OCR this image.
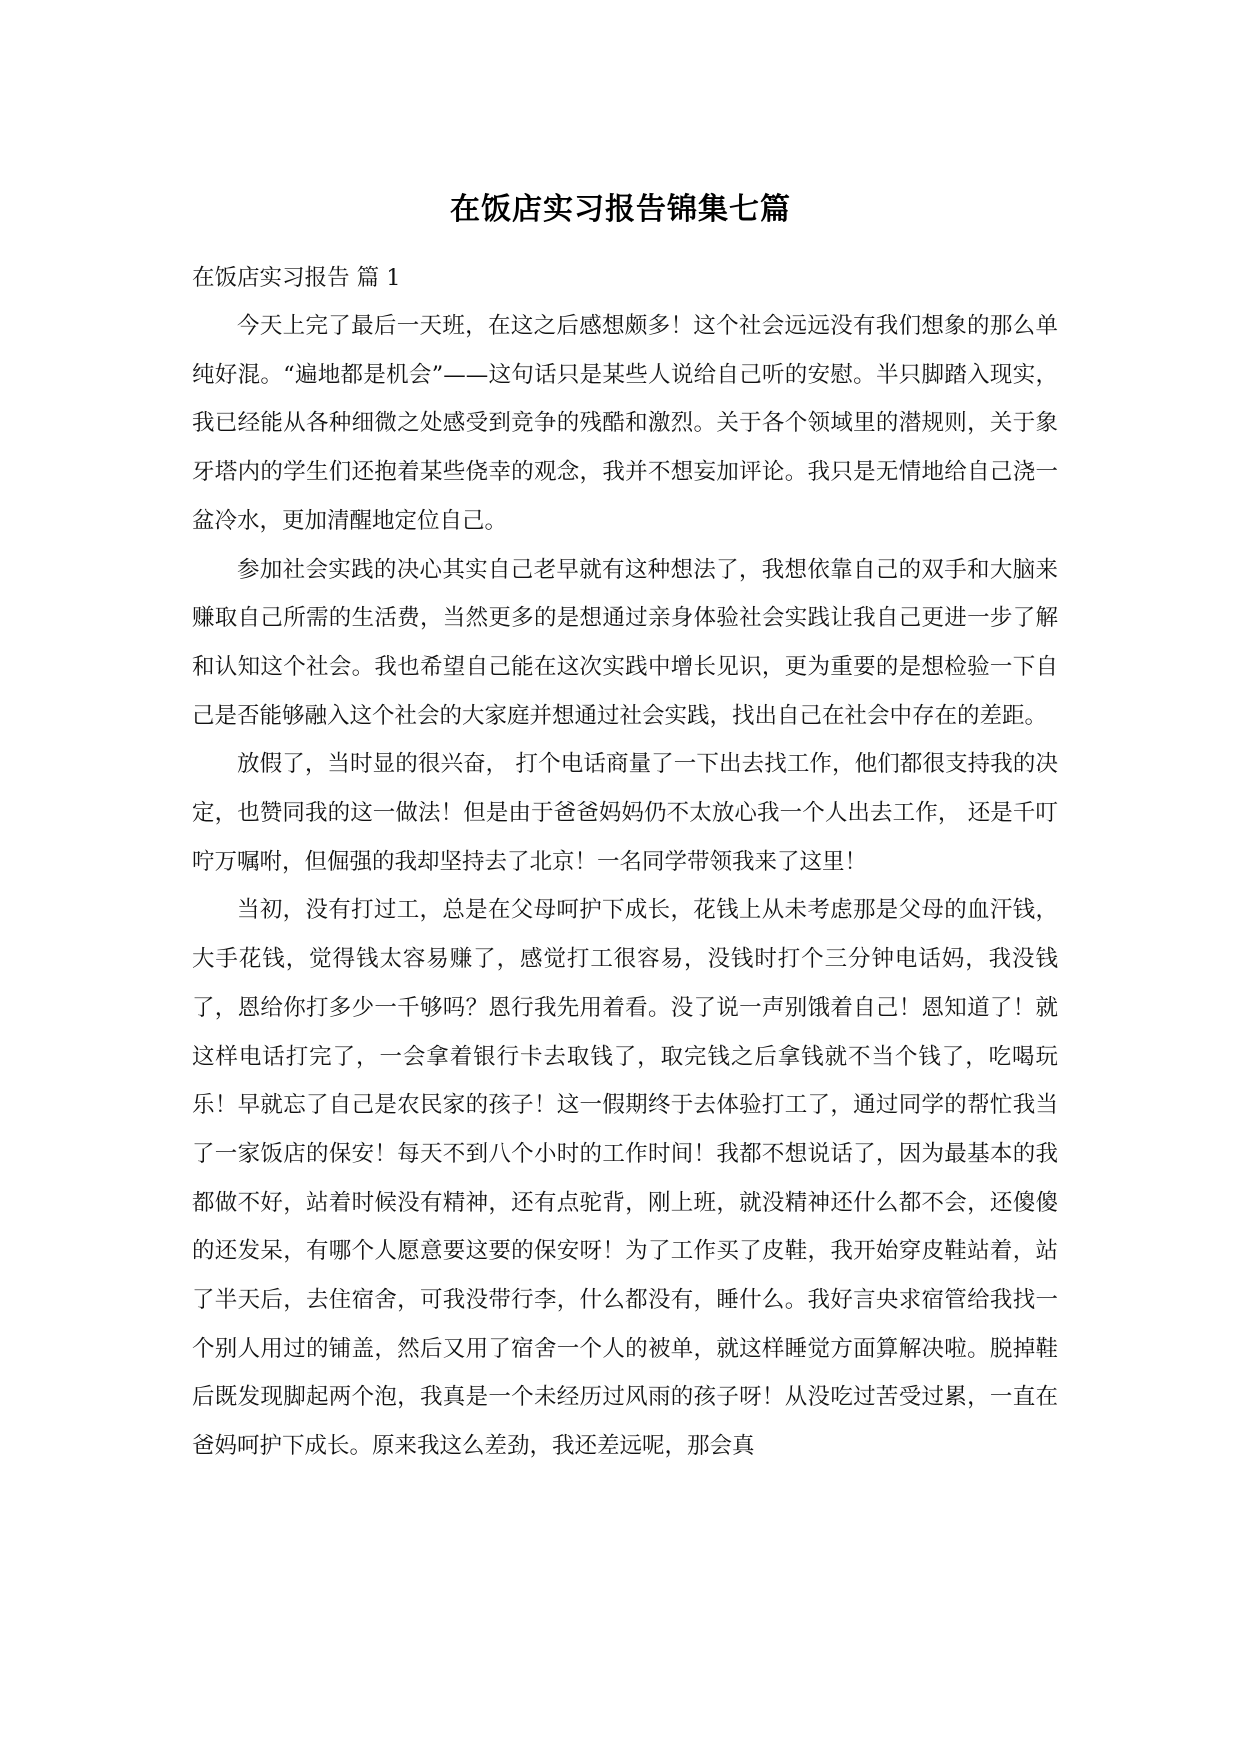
在饭店实习报告锦集七篇

在饭店实习报告 篇 1

今天上完了最后一天班，在这之后感想颇多！这个社会远远没有我们想象的那么单纯好混。“遍地都是机会”——这句话只是某些人说给自己听的安慰。半只脚踏入现实，我已经能从各种细微之处感受到竞争的残酷和激烈。关于各个领域里的潜规则，关于象牙塔内的学生们还抱着某些侥幸的观念，我并不想妄加评论。我只是无情地给自己浇一盆冷水，更加清醒地定位自己。

参加社会实践的决心其实自己老早就有这种想法了，我想依靠自己的双手和大脑来赚取自己所需的生活费，当然更多的是想通过亲身体验社会实践让我自己更进一步了解和认知这个社会。我也希望自己能在这次实践中增长见识，更为重要的是想检验一下自己是否能够融入这个社会的大家庭并想通过社会实践，找出自己在社会中存在的差距。

放假了，当时显的很兴奋， 打个电话商量了一下出去找工作，他们都很支持我的决定，也赞同我的这一做法！但是由于爸爸妈妈仍不太放心我一个人出去工作， 还是千叮咛万嘱咐，但倔强的我却坚持去了北京！一名同学带领我来了这里！

当初，没有打过工，总是在父母呵护下成长，花钱上从未考虑那是父母的血汗钱，大手花钱，觉得钱太容易赚了，感觉打工很容易，没钱时打个三分钟电话妈，我没钱了，恩给你打多少一千够吗？恩行我先用着看。没了说一声别饿着自己！恩知道了！就这样电话打完了，一会拿着银行卡去取钱了，取完钱之后拿钱就不当个钱了，吃喝玩乐！早就忘了自己是农民家的孩子！这一假期终于去体验打工了，通过同学的帮忙我当了一家饭店的保安！每天不到八个小时的工作时间！我都不想说话了，因为最基本的我都做不好，站着时候没有精神，还有点驼背，刚上班，就没精神还什么都不会，还傻傻的还发呆，有哪个人愿意要这要的保安呀！为了工作买了皮鞋，我开始穿皮鞋站着，站了半天后，去住宿舍，可我没带行李，什么都没有，睡什么。我好言央求宿管给我找一个别人用过的铺盖，然后又用了宿舍一个人的被单，就这样睡觉方面算解决啦。脱掉鞋后既发现脚起两个泡，我真是一个未经历过风雨的孩子呀！从没吃过苦受过累，一直在爸妈呵护下成长。原来我这么差劲，我还差远呢，那会真
